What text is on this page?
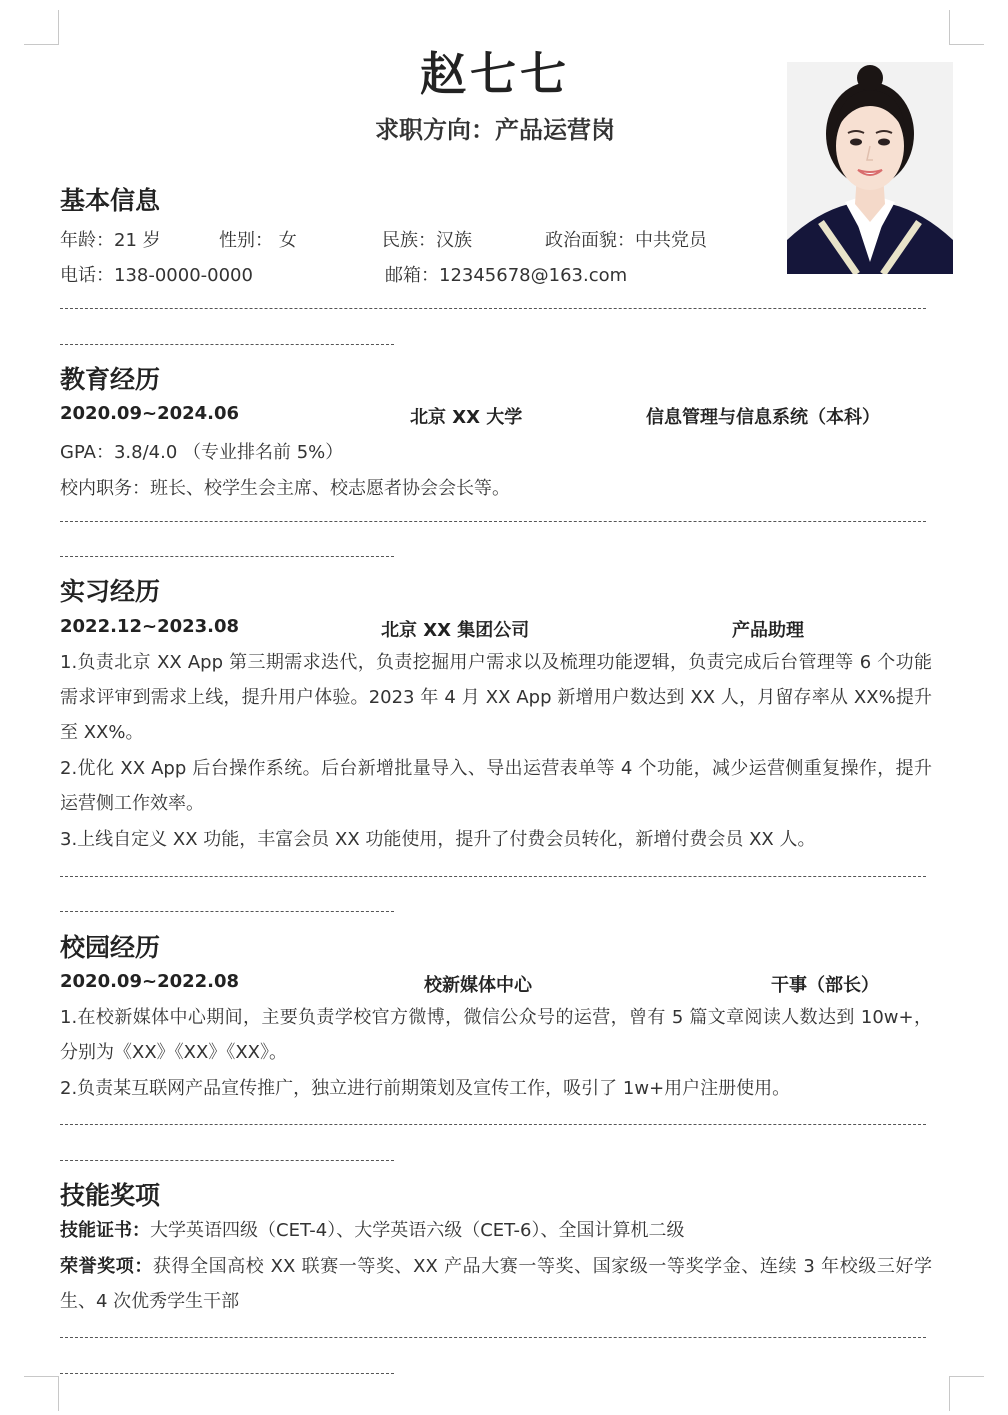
赵七七
求职方向：产品运营岗
基本信息
年龄：21 岁	性别： 女	民族：汉族	政治面貌：中共党员
电话：138-0000-0000	邮箱：12345678@163.com
教育经历
2020.09~2024.06	北京 XX 大学	信息管理与信息系统（本科）
GPA：3.8/4.0 （专业排名前 5%）
校内职务：班长、校学生会主席、校志愿者协会会长等。
实习经历
2022.12~2023.08	北京 XX 集团公司	产品助理
1.负责北京 XX App 第三期需求迭代，负责挖掘用户需求以及梳理功能逻辑，负责完成后台管理等 6 个功能需求评审到需求上线，提升用户体验。2023 年 4 月 XX App 新增用户数达到 XX 人，月留存率从 XX%提升至 XX%。
2.优化 XX App 后台操作系统。后台新增批量导入、导出运营表单等 4 个功能，减少运营侧重复操作，提升运营侧工作效率。
3.上线自定义 XX 功能，丰富会员 XX 功能使用，提升了付费会员转化，新增付费会员 XX 人。
校园经历
2020.09~2022.08	校新媒体中心	干事（部长）
1.在校新媒体中心期间，主要负责学校官方微博，微信公众号的运营，曾有 5 篇文章阅读人数达到 10w+，分别为《XX》《XX》《XX》。
2.负责某互联网产品宣传推广，独立进行前期策划及宣传工作，吸引了 1w+用户注册使用。
技能奖项
技能证书：大学英语四级（CET-4）、大学英语六级（CET-6）、全国计算机二级
荣誉奖项：获得全国高校 XX 联赛一等奖、XX 产品大赛一等奖、国家级一等奖学金、连续 3 年校级三好学生、4 次优秀学生干部
